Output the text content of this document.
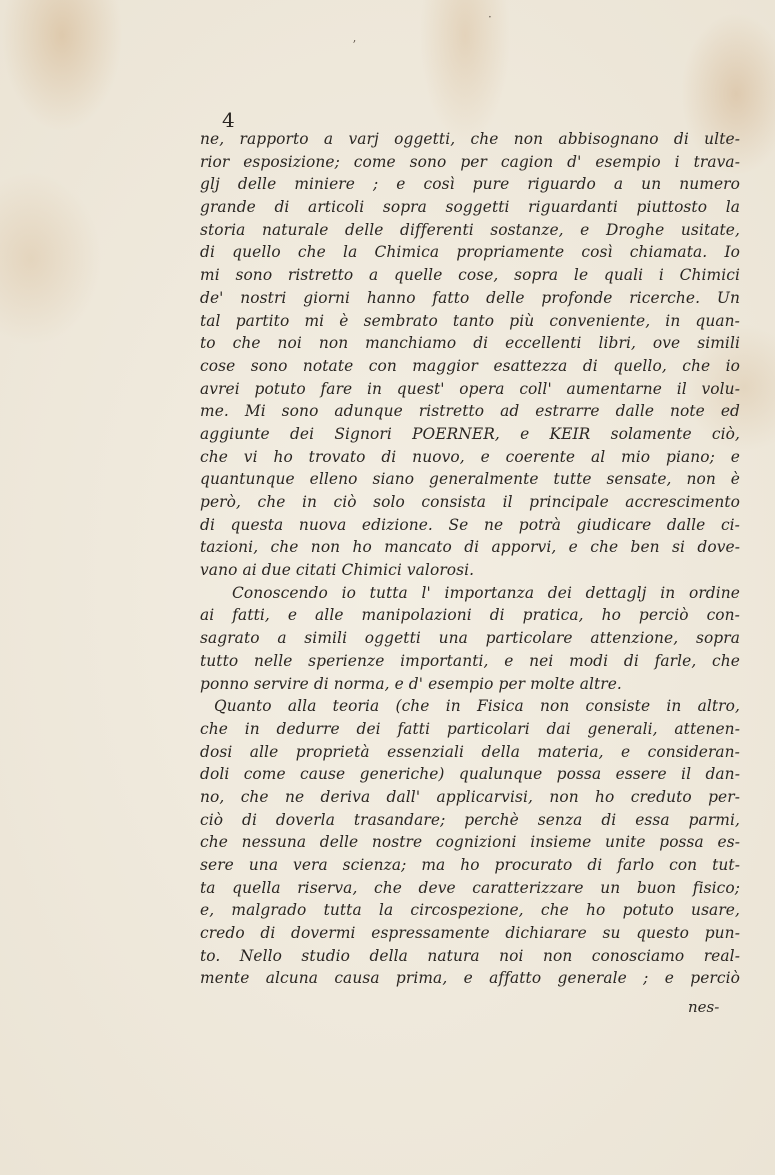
ʼ
·
4
ne, rapporto a varj oggetti, che non abbisognano di ulte-
rior esposizione; come sono per cagion d' esempio i trava-
glj delle miniere ; e così pure riguardo a un numero
grande di articoli sopra soggetti riguardanti piuttosto la
storia naturale delle differenti sostanze, e Droghe usitate,
di quello che la Chimica propriamente così chiamata. Io
mi sono ristretto a quelle cose, sopra le quali i Chimici
de' nostri giorni hanno fatto delle profonde ricerche. Un
tal partito mi è sembrato tanto più conveniente, in quan-
to che noi non manchiamo di eccellenti libri, ove simili
cose sono notate con maggior esattezza di quello, che io
avrei potuto fare in quest' opera coll' aumentarne il volu-
me. Mi sono adunque ristretto ad estrarre dalle note ed
aggiunte dei Signori POERNER, e KEIR solamente ciò,
che vi ho trovato di nuovo, e coerente al mio piano; e
quantunque elleno siano generalmente tutte sensate, non è
però, che in ciò solo consista il principale accrescimento
di questa nuova edizione. Se ne potrà giudicare dalle ci-
tazioni, che non ho mancato di apporvi, e che ben si dove-
vano ai due citati Chimici valorosi.
Conoscendo io tutta l' importanza dei dettaglj in ordine
ai fatti, e alle manipolazioni di pratica, ho perciò con-
sagrato a simili oggetti una particolare attenzione, sopra
tutto nelle sperienze importanti, e nei modi di farle, che
ponno servire di norma, e d' esempio per molte altre.
Quanto alla teoria (che in Fisica non consiste in altro,
che in dedurre dei fatti particolari dai generali, attenen-
dosi alle proprietà essenziali della materia, e consideran-
doli come cause generiche) qualunque possa essere il dan-
no, che ne deriva dall' applicarvisi, non ho creduto per-
ciò di doverla trasandare; perchè senza di essa parmi,
che nessuna delle nostre cognizioni insieme unite possa es-
sere una vera scienza; ma ho procurato di farlo con tut-
ta quella riserva, che deve caratterizzare un buon fisico;
e, malgrado tutta la circospezione, che ho potuto usare,
credo di dovermi espressamente dichiarare su questo pun-
to. Nello studio della natura noi non conosciamo real-
mente alcuna causa prima, e affatto generale ; e perciò
nes-
